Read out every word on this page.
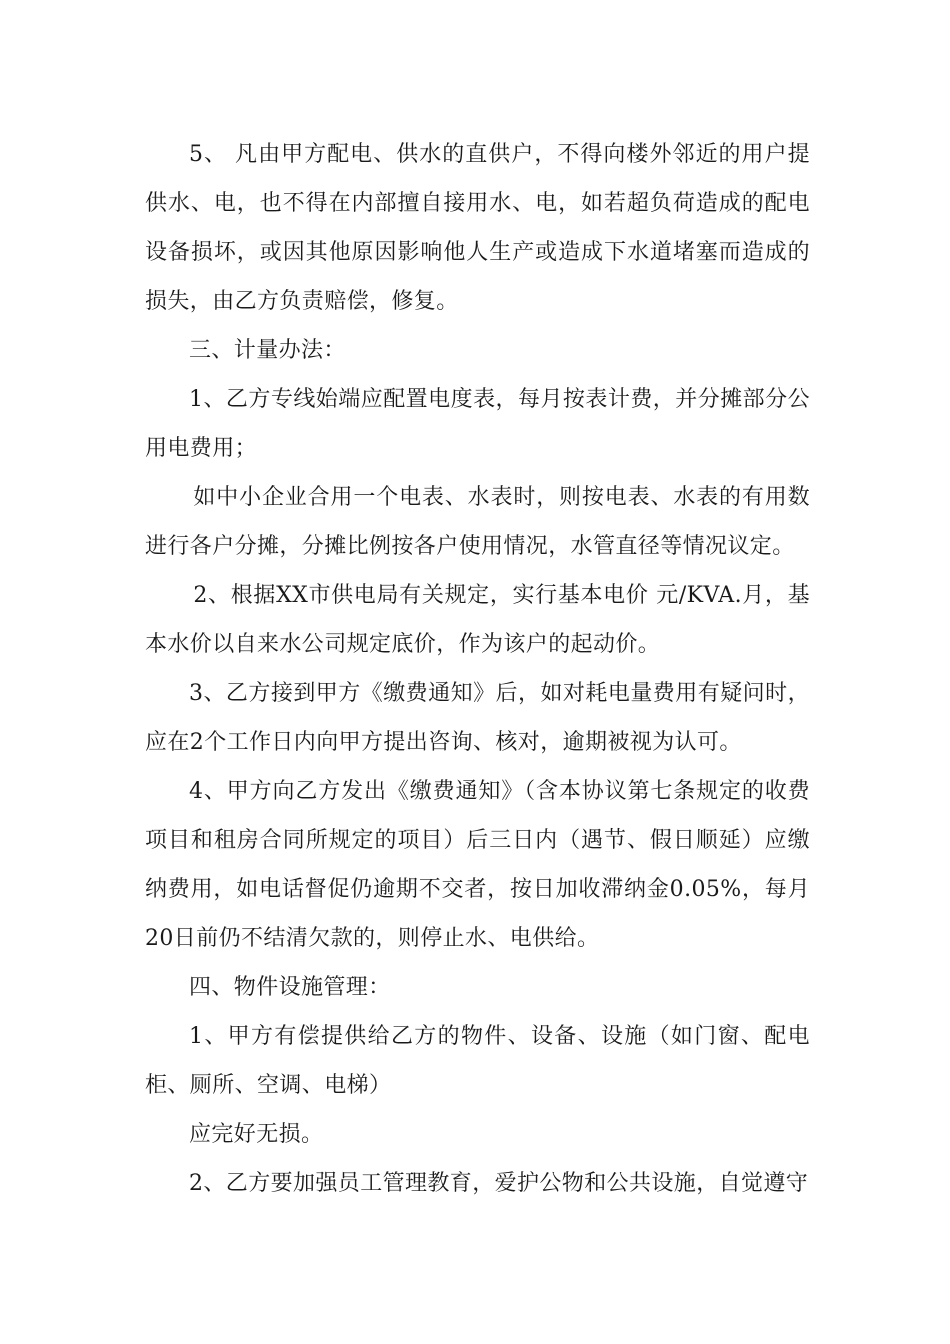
5、 凡由甲方配电、供水的直供户，不得向楼外邻近的用户提供水、电，也不得在内部擅自接用水、电，如若超负荷造成的配电设备损坏，或因其他原因影响他人生产或造成下水道堵塞而造成的损失，由乙方负责赔偿，修复。

三、计量办法：

1、乙方专线始端应配置电度表，每月按表计费，并分摊部分公用电费用；

如中小企业合用一个电表、水表时，则按电表、水表的有用数进行各户分摊，分摊比例按各户使用情况，水管直径等情况议定。

2、根据XX市供电局有关规定，实行基本电价 元/KVA.月，基本水价以自来水公司规定底价，作为该户的起动价。

3、乙方接到甲方《缴费通知》后，如对耗电量费用有疑问时，应在2个工作日内向甲方提出咨询、核对，逾期被视为认可。

4、甲方向乙方发出《缴费通知》（含本协议第七条规定的收费项目和租房合同所规定的项目）后三日内（遇节、假日顺延）应缴纳费用，如电话督促仍逾期不交者，按日加收滞纳金0.05%，每月20日前仍不结清欠款的，则停止水、电供给。

四、物件设施管理：

1、甲方有偿提供给乙方的物件、设备、设施（如门窗、配电柜、厕所、空调、电梯）

应完好无损。

2、乙方要加强员工管理教育，爱护公物和公共设施，自觉遵守
